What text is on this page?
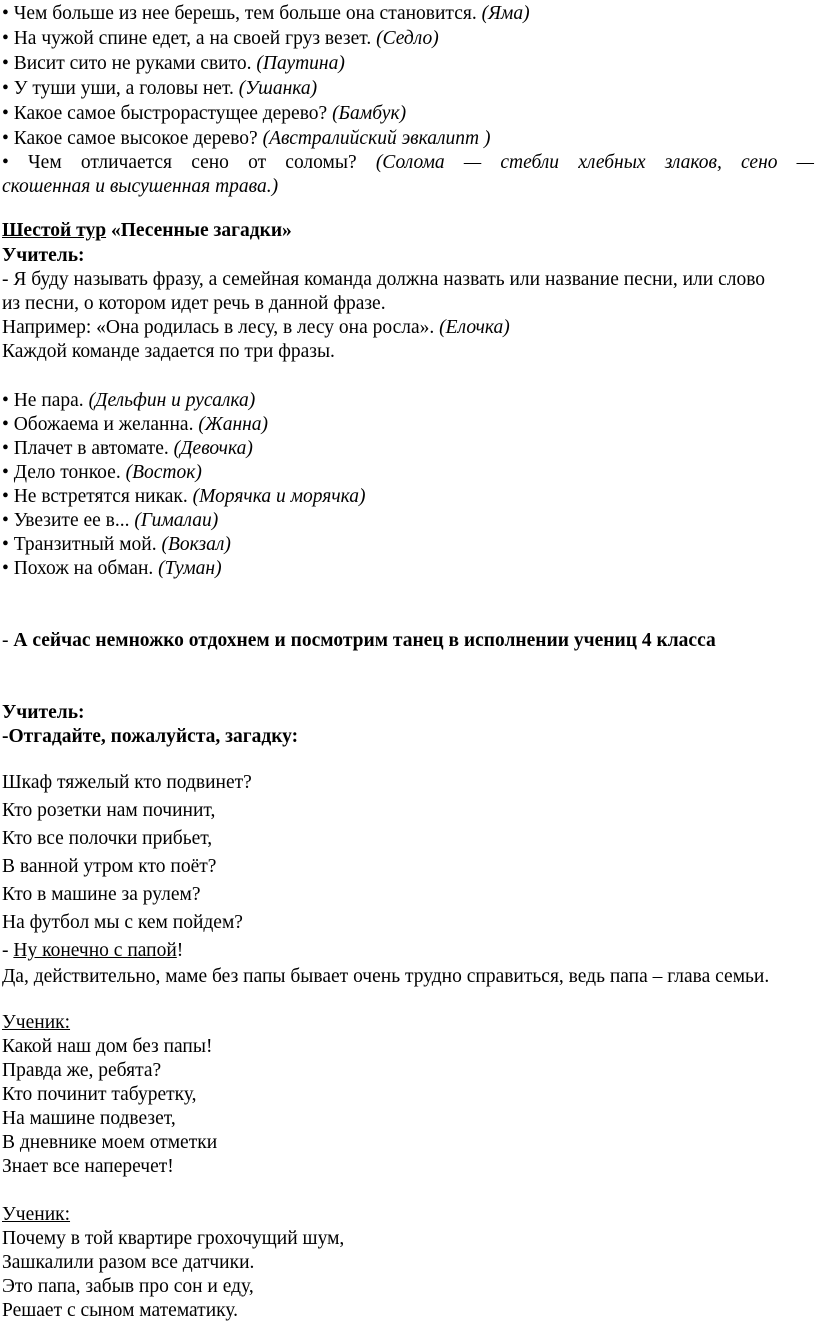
• Чем больше из нее берешь, тем больше она становится. (Яма)
• На чужой спине едет, а на своей груз везет. (Седло)
• Висит сито не руками свито. (Паутина)
• У туши уши, а головы нет. (Ушанка)
• Какое самое быстрорастущее дерево? (Бамбук)
• Какое самое высокое дерево? (Австралийский эвкалипт )
• Чем отличается сено от соломы? (Солома — стебли хлебных злаков, сено —
скошенная и высушенная трава.)
Шестой тур «Песенные загадки»
Учитель:
- Я буду называть фразу, а семейная команда должна назвать или название песни, или слово
из песни, о котором идет речь в данной фразе.
Например: «Она родилась в лесу, в лесу она росла». (Елочка)
Каждой команде задается по три фразы.
• Не пара. (Дельфин и русалка)
• Обожаема и желанна. (Жанна)
• Плачет в автомате. (Девочка)
• Дело тонкое. (Восток)
• Не встретятся никак. (Морячка и морячка)
• Увезите ее в... (Гималаи)
• Транзитный мой. (Вокзал)
• Похож на обман. (Туман)
- А сейчас немножко отдохнем и посмотрим танец в исполнении учениц 4 класса
Учитель:
-Отгадайте, пожалуйста, загадку:
Шкаф тяжелый кто подвинет?
Кто розетки нам починит,
Кто все полочки прибьет,
В ванной утром кто поёт?
Кто в машине за рулем?
На футбол мы с кем пойдем?
- Ну конечно с папой!
Да, действительно, маме без папы бывает очень трудно справиться, ведь папа – глава семьи.
Ученик:
Какой наш дом без папы!
Правда же, ребята?
Кто починит табуретку,
На машине подвезет,
В дневнике моем отметки
Знает все наперечет!
Ученик:
Почему в той квартире грохочущий шум,
Зашкалили разом все датчики.
Это папа, забыв про сон и еду,
Решает с сыном математику.
